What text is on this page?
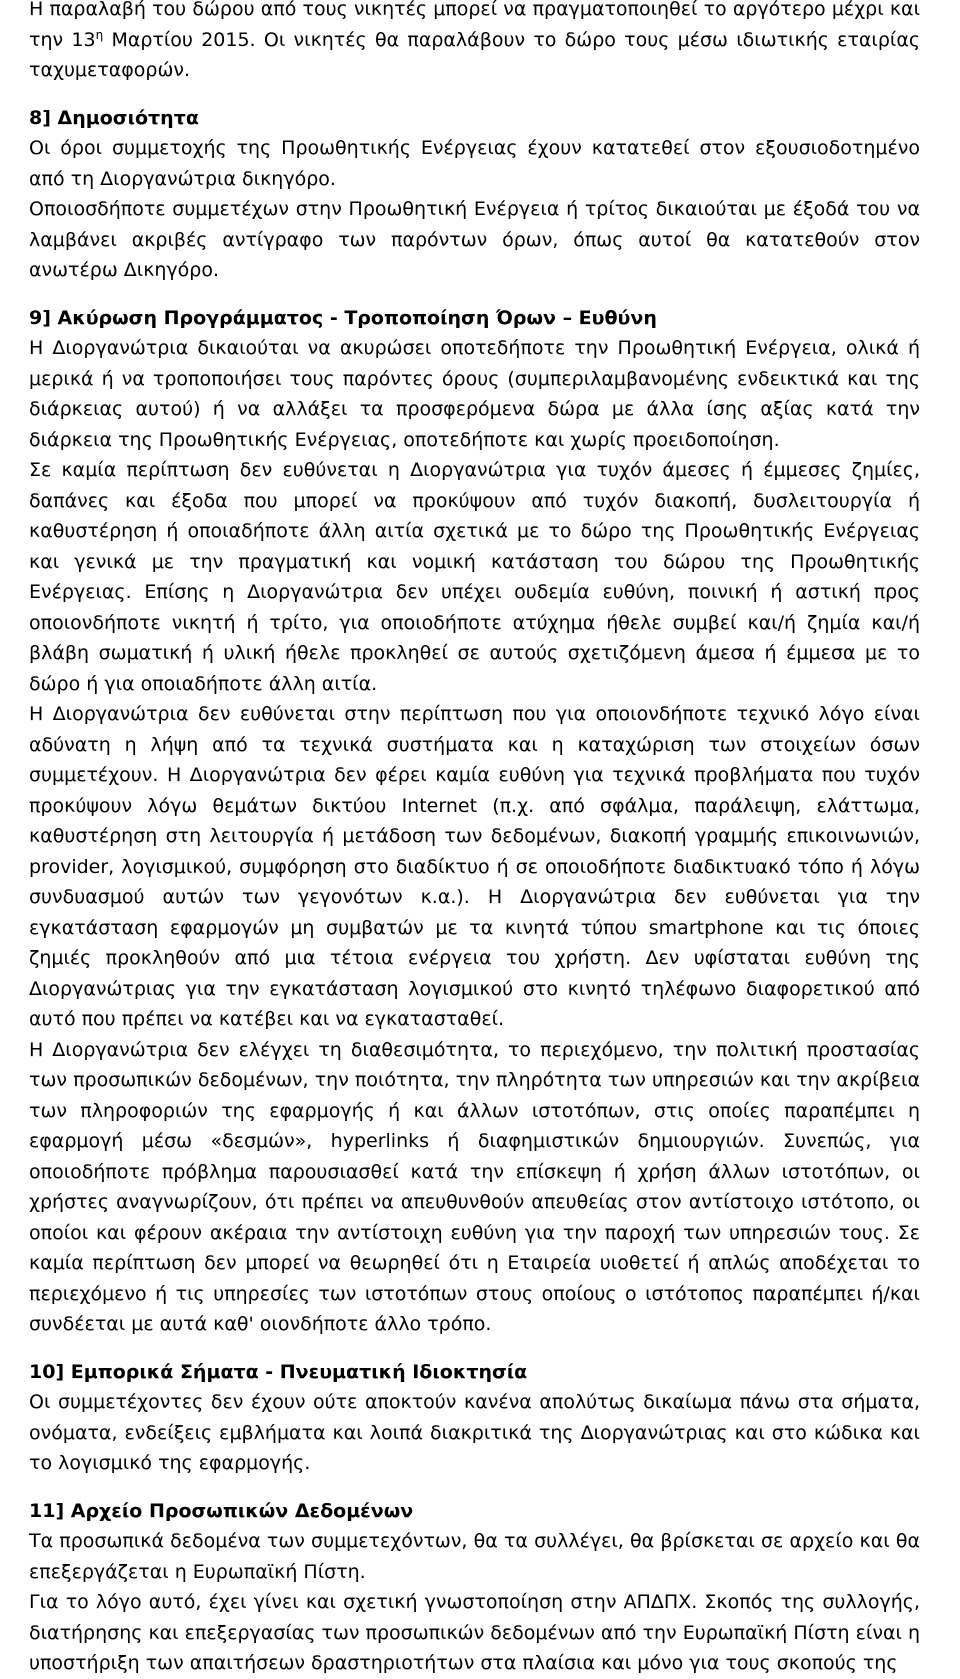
Η παραλαβή του δώρου από τους νικητές μπορεί να πραγματοποιηθεί το αργότερο μέχρι και την $13^\eta$ Μαρτίου 2015. Οι νικητές θα παραλάβουν το δώρο τους μέσω ιδιωτικής εταιρίας ταχυμεταφορών.

8] Δημοσιότητα

Οι όροι συμμετοχής της Προωθητικής Ενέργειας έχουν κατατεθεί στον εξουσιοδοτημένο από τη Διοργανώτρια δικηγόρο.

Οποιοσδήποτε συμμετέχων στην Προωθητική Ενέργεια ή τρίτος δικαιούται με έξοδά του να λαμβάνει ακριβές αντίγραφο των παρόντων όρων, όπως αυτοί θα κατατεθούν στον ανωτέρω Δικηγόρο.

9] Ακύρωση Προγράμματος - Τροποποίηση Όρων – Ευθύνη

Η Διοργανώτρια δικαιούται να ακυρώσει οποτεδήποτε την Προωθητική Ενέργεια, ολικά ή μερικά ή να τροποποιήσει τους παρόντες όρους (συμπεριλαμβανομένης ενδεικτικά και της διάρκειας αυτού) ή να αλλάξει τα προσφερόμενα δώρα με άλλα ίσης αξίας κατά την διάρκεια της Προωθητικής Ενέργειας, οποτεδήποτε και χωρίς προειδοποίηση.

Σε καμία περίπτωση δεν ευθύνεται η Διοργανώτρια για τυχόν άμεσες ή έμμεσες ζημίες, δαπάνες και έξοδα που μπορεί να προκύψουν από τυχόν διακοπή, δυσλειτουργία ή καθυστέρηση ή οποιαδήποτε άλλη αιτία σχετικά με το δώρο της Προωθητικής Ενέργειας και γενικά με την πραγματική και νομική κατάσταση του δώρου της Προωθητικής Ενέργειας. Επίσης η Διοργανώτρια δεν υπέχει ουδεμία ευθύνη, ποινική ή αστική προς οποιονδήποτε νικητή ή τρίτο, για οποιοδήποτε ατύχημα ήθελε συμβεί και/ή ζημία και/ή βλάβη σωματική ή υλική ήθελε προκληθεί σε αυτούς σχετιζόμενη άμεσα ή έμμεσα με το δώρο ή για οποιαδήποτε άλλη αιτία.

Η Διοργανώτρια δεν ευθύνεται στην περίπτωση που για οποιονδήποτε τεχνικό λόγο είναι αδύνατη η λήψη από τα τεχνικά συστήματα και η καταχώριση των στοιχείων όσων συμμετέχουν. Η Διοργανώτρια δεν φέρει καμία ευθύνη για τεχνικά προβλήματα που τυχόν προκύψουν λόγω θεμάτων δικτύου Internet (π.χ. από σφάλμα, παράλειψη, ελάττωμα, καθυστέρηση στη λειτουργία ή μετάδοση των δεδομένων, διακοπή γραμμής επικοινωνιών, provider, λογισμικού, συμφόρηση στο διαδίκτυο ή σε οποιοδήποτε διαδικτυακό τόπο ή λόγω συνδυασμού αυτών των γεγονότων κ.α.). Η Διοργανώτρια δεν ευθύνεται για την εγκατάσταση εφαρμογών μη συμβατών με τα κινητά τύπου smartphone και τις όποιες ζημιές προκληθούν από μια τέτοια ενέργεια του χρήστη. Δεν υφίσταται ευθύνη της Διοργανώτριας για την εγκατάσταση λογισμικού στο κινητό τηλέφωνο διαφορετικού από αυτό που πρέπει να κατέβει και να εγκατασταθεί.

Η Διοργανώτρια δεν ελέγχει τη διαθεσιμότητα, το περιεχόμενο, την πολιτική προστασίας των προσωπικών δεδομένων, την ποιότητα, την πληρότητα των υπηρεσιών και την ακρίβεια των πληροφοριών της εφαρμογής ή και άλλων ιστοτόπων, στις οποίες παραπέμπει η εφαρμογή μέσω «δεσμών», hyperlinks ή διαφημιστικών δημιουργιών. Συνεπώς, για οποιοδήποτε πρόβλημα παρουσιασθεί κατά την επίσκεψη ή χρήση άλλων ιστοτόπων, οι χρήστες αναγνωρίζουν, ότι πρέπει να απευθυνθούν απευθείας στον αντίστοιχο ιστότοπο, οι οποίοι και φέρουν ακέραια την αντίστοιχη ευθύνη για την παροχή των υπηρεσιών τους. Σε καμία περίπτωση δεν μπορεί να θεωρηθεί ότι η Εταιρεία υιοθετεί ή απλώς αποδέχεται το περιεχόμενο ή τις υπηρεσίες των ιστοτόπων στους οποίους ο ιστότοπος παραπέμπει ή/και συνδέεται με αυτά καθ' οιονδήποτε άλλο τρόπο.

10] Εμπορικά Σήματα - Πνευματική Ιδιοκτησία

Οι συμμετέχοντες δεν έχουν ούτε αποκτούν κανένα απολύτως δικαίωμα πάνω στα σήματα, ονόματα, ενδείξεις εμβλήματα και λοιπά διακριτικά της Διοργανώτριας και στο κώδικα και το λογισμικό της εφαρμογής.

11] Αρχείο Προσωπικών Δεδομένων

Τα προσωπικά δεδομένα των συμμετεχόντων, θα τα συλλέγει, θα βρίσκεται σε αρχείο και θα επεξεργάζεται η Ευρωπαϊκή Πίστη.

Για το λόγο αυτό, έχει γίνει και σχετική γνωστοποίηση στην ΑΠΔΠΧ. Σκοπός της συλλογής, διατήρησης και επεξεργασίας των προσωπικών δεδομένων από την Ευρωπαϊκή Πίστη είναι η υποστήριξη των απαιτήσεων δραστηριοτήτων στα πλαίσια και μόνο για τους σκοπούς της
